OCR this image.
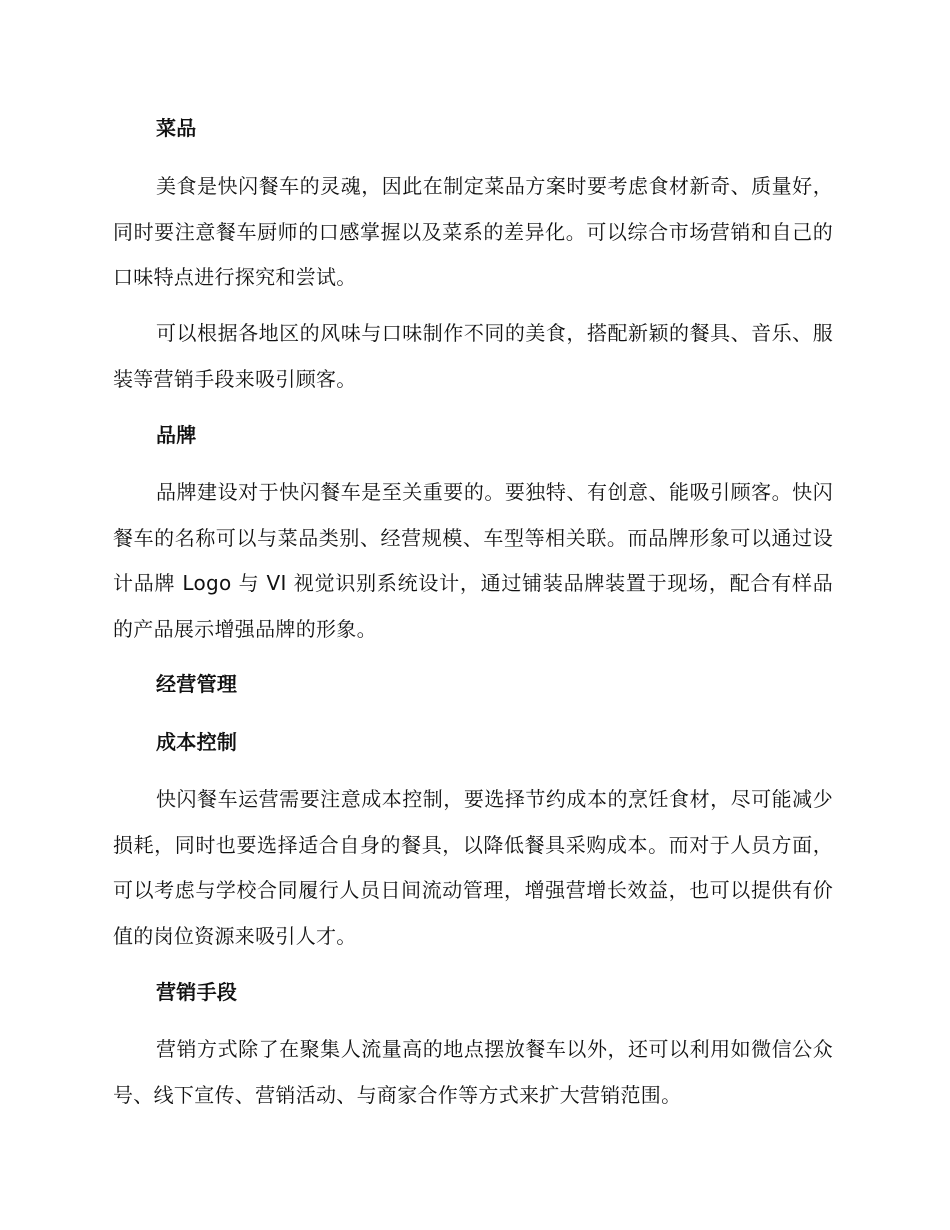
菜品

美食是快闪餐车的灵魂，因此在制定菜品方案时要考虑食材新奇、质量好，同时要注意餐车厨师的口感掌握以及菜系的差异化。可以综合市场营销和自己的口味特点进行探究和尝试。

可以根据各地区的风味与口味制作不同的美食，搭配新颖的餐具、音乐、服装等营销手段来吸引顾客。

品牌

品牌建设对于快闪餐车是至关重要的。要独特、有创意、能吸引顾客。快闪餐车的名称可以与菜品类别、经营规模、车型等相关联。而品牌形象可以通过设计品牌 Logo 与 VI 视觉识别系统设计，通过铺装品牌装置于现场，配合有样品的产品展示增强品牌的形象。

经营管理
成本控制

快闪餐车运营需要注意成本控制，要选择节约成本的烹饪食材，尽可能减少损耗，同时也要选择适合自身的餐具，以降低餐具采购成本。而对于人员方面，可以考虑与学校合同履行人员日间流动管理，增强营增长效益，也可以提供有价值的岗位资源来吸引人才。

营销手段

营销方式除了在聚集人流量高的地点摆放餐车以外，还可以利用如微信公众号、线下宣传、营销活动、与商家合作等方式来扩大营销范围。
